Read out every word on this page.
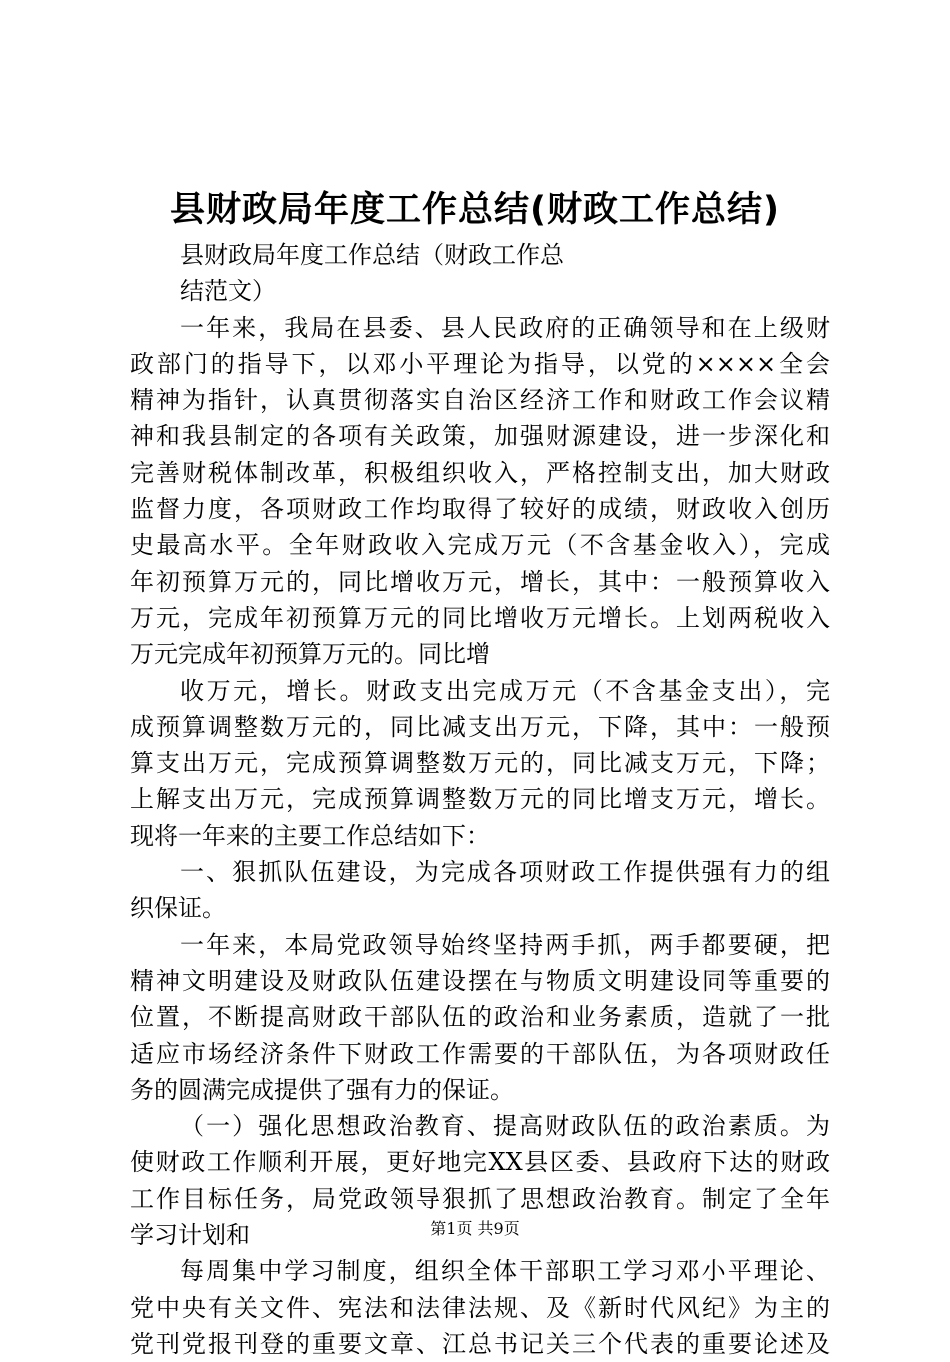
县财政局年度工作总结(财政工作总结)
县财政局年度工作总结（财政工作总
结范文）
一年来，我局在县委、县人民政府的正确领导和在上级财
政部门的指导下，以邓小平理论为指导，以党的××××全会
精神为指针，认真贯彻落实自治区经济工作和财政工作会议精
神和我县制定的各项有关政策，加强财源建设，进一步深化和
完善财税体制改革，积极组织收入，严格控制支出，加大财政
监督力度，各项财政工作均取得了较好的成绩，财政收入创历
史最高水平。全年财政收入完成万元（不含基金收入），完成
年初预算万元的，同比增收万元，增长，其中：一般预算收入
万元，完成年初预算万元的同比增收万元增长。上划两税收入
万元完成年初预算万元的。同比增
收万元，增长。财政支出完成万元（不含基金支出），完
成预算调整数万元的，同比减支出万元，下降，其中：一般预
算支出万元，完成预算调整数万元的，同比减支万元，下降；
上解支出万元，完成预算调整数万元的同比增支万元，增长。
现将一年来的主要工作总结如下：
一、狠抓队伍建设，为完成各项财政工作提供强有力的组
织保证。
一年来，本局党政领导始终坚持两手抓，两手都要硬，把
精神文明建设及财政队伍建设摆在与物质文明建设同等重要的
位置，不断提高财政干部队伍的政治和业务素质，造就了一批
适应市场经济条件下财政工作需要的干部队伍，为各项财政任
务的圆满完成提供了强有力的保证。
（一）强化思想政治教育、提高财政队伍的政治素质。为
使财政工作顺利开展，更好地完XX县区委、县政府下达的财政
工作目标任务，局党政领导狠抓了思想政治教育。制定了全年
学习计划和
每周集中学习制度，组织全体干部职工学习邓小平理论、
党中央有关文件、宪法和法律法规、及《新时代风纪》为主的
党刊党报刊登的重要文章、江总书记关三个代表的重要论述及
第1页 共9页
